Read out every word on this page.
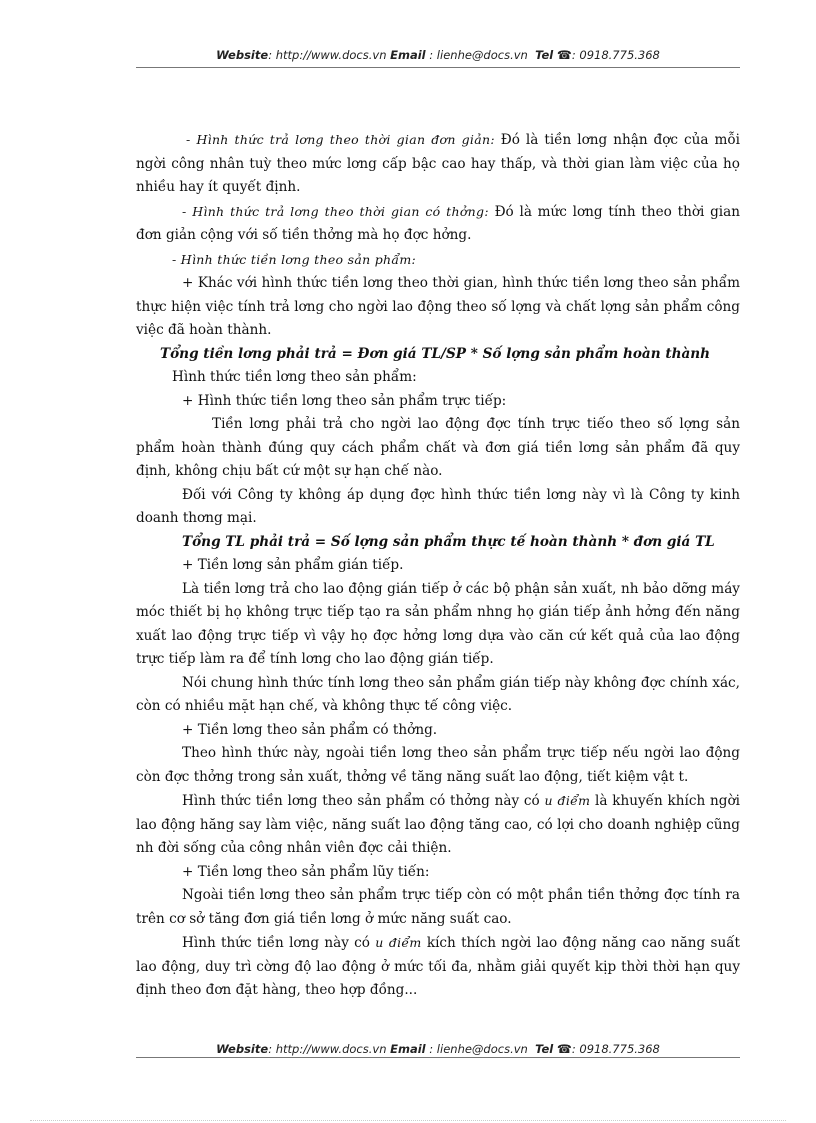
Website: http://www.docs.vn Email : lienhe@docs.vn Tel ☎: 0918.775.368

- Hình thức trả lơng theo thời gian đơn giản: Đó là tiền lơng nhận đợc của mỗi ngời công nhân tuỳ theo mức lơng cấp bậc cao hay thấp, và thời gian làm việc của họ nhiều hay ít quyết định.

- Hình thức trả lơng theo thời gian có thởng: Đó là mức lơng tính theo thời gian đơn giản cộng với số tiền thởng mà họ đợc hởng.

- Hình thức tiền lơng theo sản phẩm:

+ Khác với hình thức tiền lơng theo thời gian, hình thức tiền lơng theo sản phẩm thực hiện việc tính trả lơng cho ngời lao động theo số lợng và chất lợng sản phẩm công việc đã hoàn thành.

Tổng tiền lơng phải trả = Đơn giá TL/SP * Số lợng sản phẩm hoàn thành

Hình thức tiền lơng theo sản phẩm:

+ Hình thức tiền lơng theo sản phẩm trực tiếp:

Tiền lơng phải trả cho ngời lao động đợc tính trực tiếo theo số lợng sản phẩm hoàn thành đúng quy cách phẩm chất và đơn giá tiền lơng sản phẩm đã quy định, không chịu bất cứ một sự hạn chế nào.

Đối với Công ty không áp dụng đợc hình thức tiền lơng này vì là Công ty kinh doanh thơng mại.

Tổng TL phải trả = Số lợng sản phẩm thực tế hoàn thành * đơn giá TL

+ Tiền lơng sản phẩm gián tiếp.

Là tiền lơng trả cho lao động gián tiếp ở các bộ phận sản xuất, nh bảo dỡng máy móc thiết bị họ không trực tiếp tạo ra sản phẩm nhng họ gián tiếp ảnh hởng đến năng xuất lao động trực tiếp vì vậy họ đợc hởng lơng dựa vào căn cứ kết quả của lao động trực tiếp làm ra để tính lơng cho lao động gián tiếp.

Nói chung hình thức tính lơng theo sản phẩm gián tiếp này không đợc chính xác, còn có nhiều mặt hạn chế, và không thực tế công việc.

+ Tiền lơng theo sản phẩm có thởng.

Theo hình thức này, ngoài tiền lơng theo sản phẩm trực tiếp nếu ngời lao động còn đợc thởng trong sản xuất, thởng về tăng năng suất lao động, tiết kiệm vật t.

Hình thức tiền lơng theo sản phẩm có thởng này có u điểm là khuyến khích ngời lao động hăng say làm việc, năng suất lao động tăng cao, có lợi cho doanh nghiệp cũng nh đời sống của công nhân viên đợc cải thiện.

+ Tiền lơng theo sản phẩm lũy tiến:

Ngoài tiền lơng theo sản phẩm trực tiếp còn có một phần tiền thởng đợc tính ra trên cơ sở tăng đơn giá tiền lơng ở mức năng suất cao.

Hình thức tiền lơng này có u điểm kích thích ngời lao động năng cao năng suất lao động, duy trì cờng độ lao động ở mức tối đa, nhằm giải quyết kịp thời thời hạn quy định theo đơn đặt hàng, theo hợp đồng...

Website: http://www.docs.vn Email : lienhe@docs.vn Tel ☎: 0918.775.368
